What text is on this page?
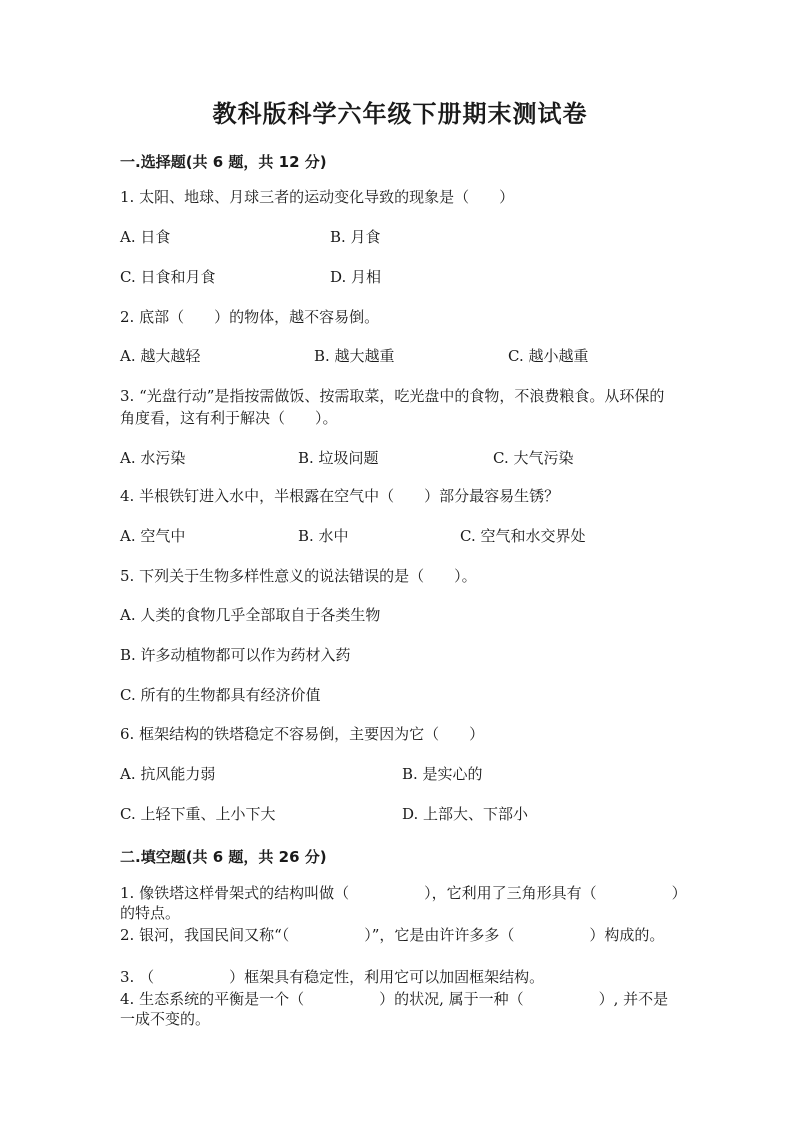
教科版科学六年级下册期末测试卷
一.选择题(共 6 题，共 12 分)
1. 太阳、地球、月球三者的运动变化导致的现象是（　　）
A. 日食	B. 月食
C. 日食和月食	D. 月相
2. 底部（　　）的物体，越不容易倒。
A. 越大越轻	B. 越大越重	C. 越小越重
3. “光盘行动”是指按需做饭、按需取菜，吃光盘中的食物，不浪费粮食。从环保的角度看，这有利于解决（　　）。
A. 水污染	B. 垃圾问题	C. 大气污染
4. 半根铁钉进入水中，半根露在空气中（　　）部分最容易生锈？
A. 空气中	B. 水中	C. 空气和水交界处
5. 下列关于生物多样性意义的说法错误的是（　　）。
A. 人类的食物几乎全部取自于各类生物
B. 许多动植物都可以作为药材入药
C. 所有的生物都具有经济价值
6. 框架结构的铁塔稳定不容易倒，主要因为它（　　）
A. 抗风能力弱	B. 是实心的
C. 上轻下重、上小下大	D. 上部大、下部小
二.填空题(共 6 题，共 26 分)
1. 像铁塔这样骨架式的结构叫做（　　　　　），它利用了三角形具有（　　　　　）的特点。
2. 银河，我国民间又称“（　　　　　）”，它是由许许多多（　　　　　）构成的。
3. （　　　　　）框架具有稳定性，利用它可以加固框架结构。
4. 生态系统的平衡是一个（　　　　　）的状况, 属于一种（　　　　　）, 并不是一成不变的。
